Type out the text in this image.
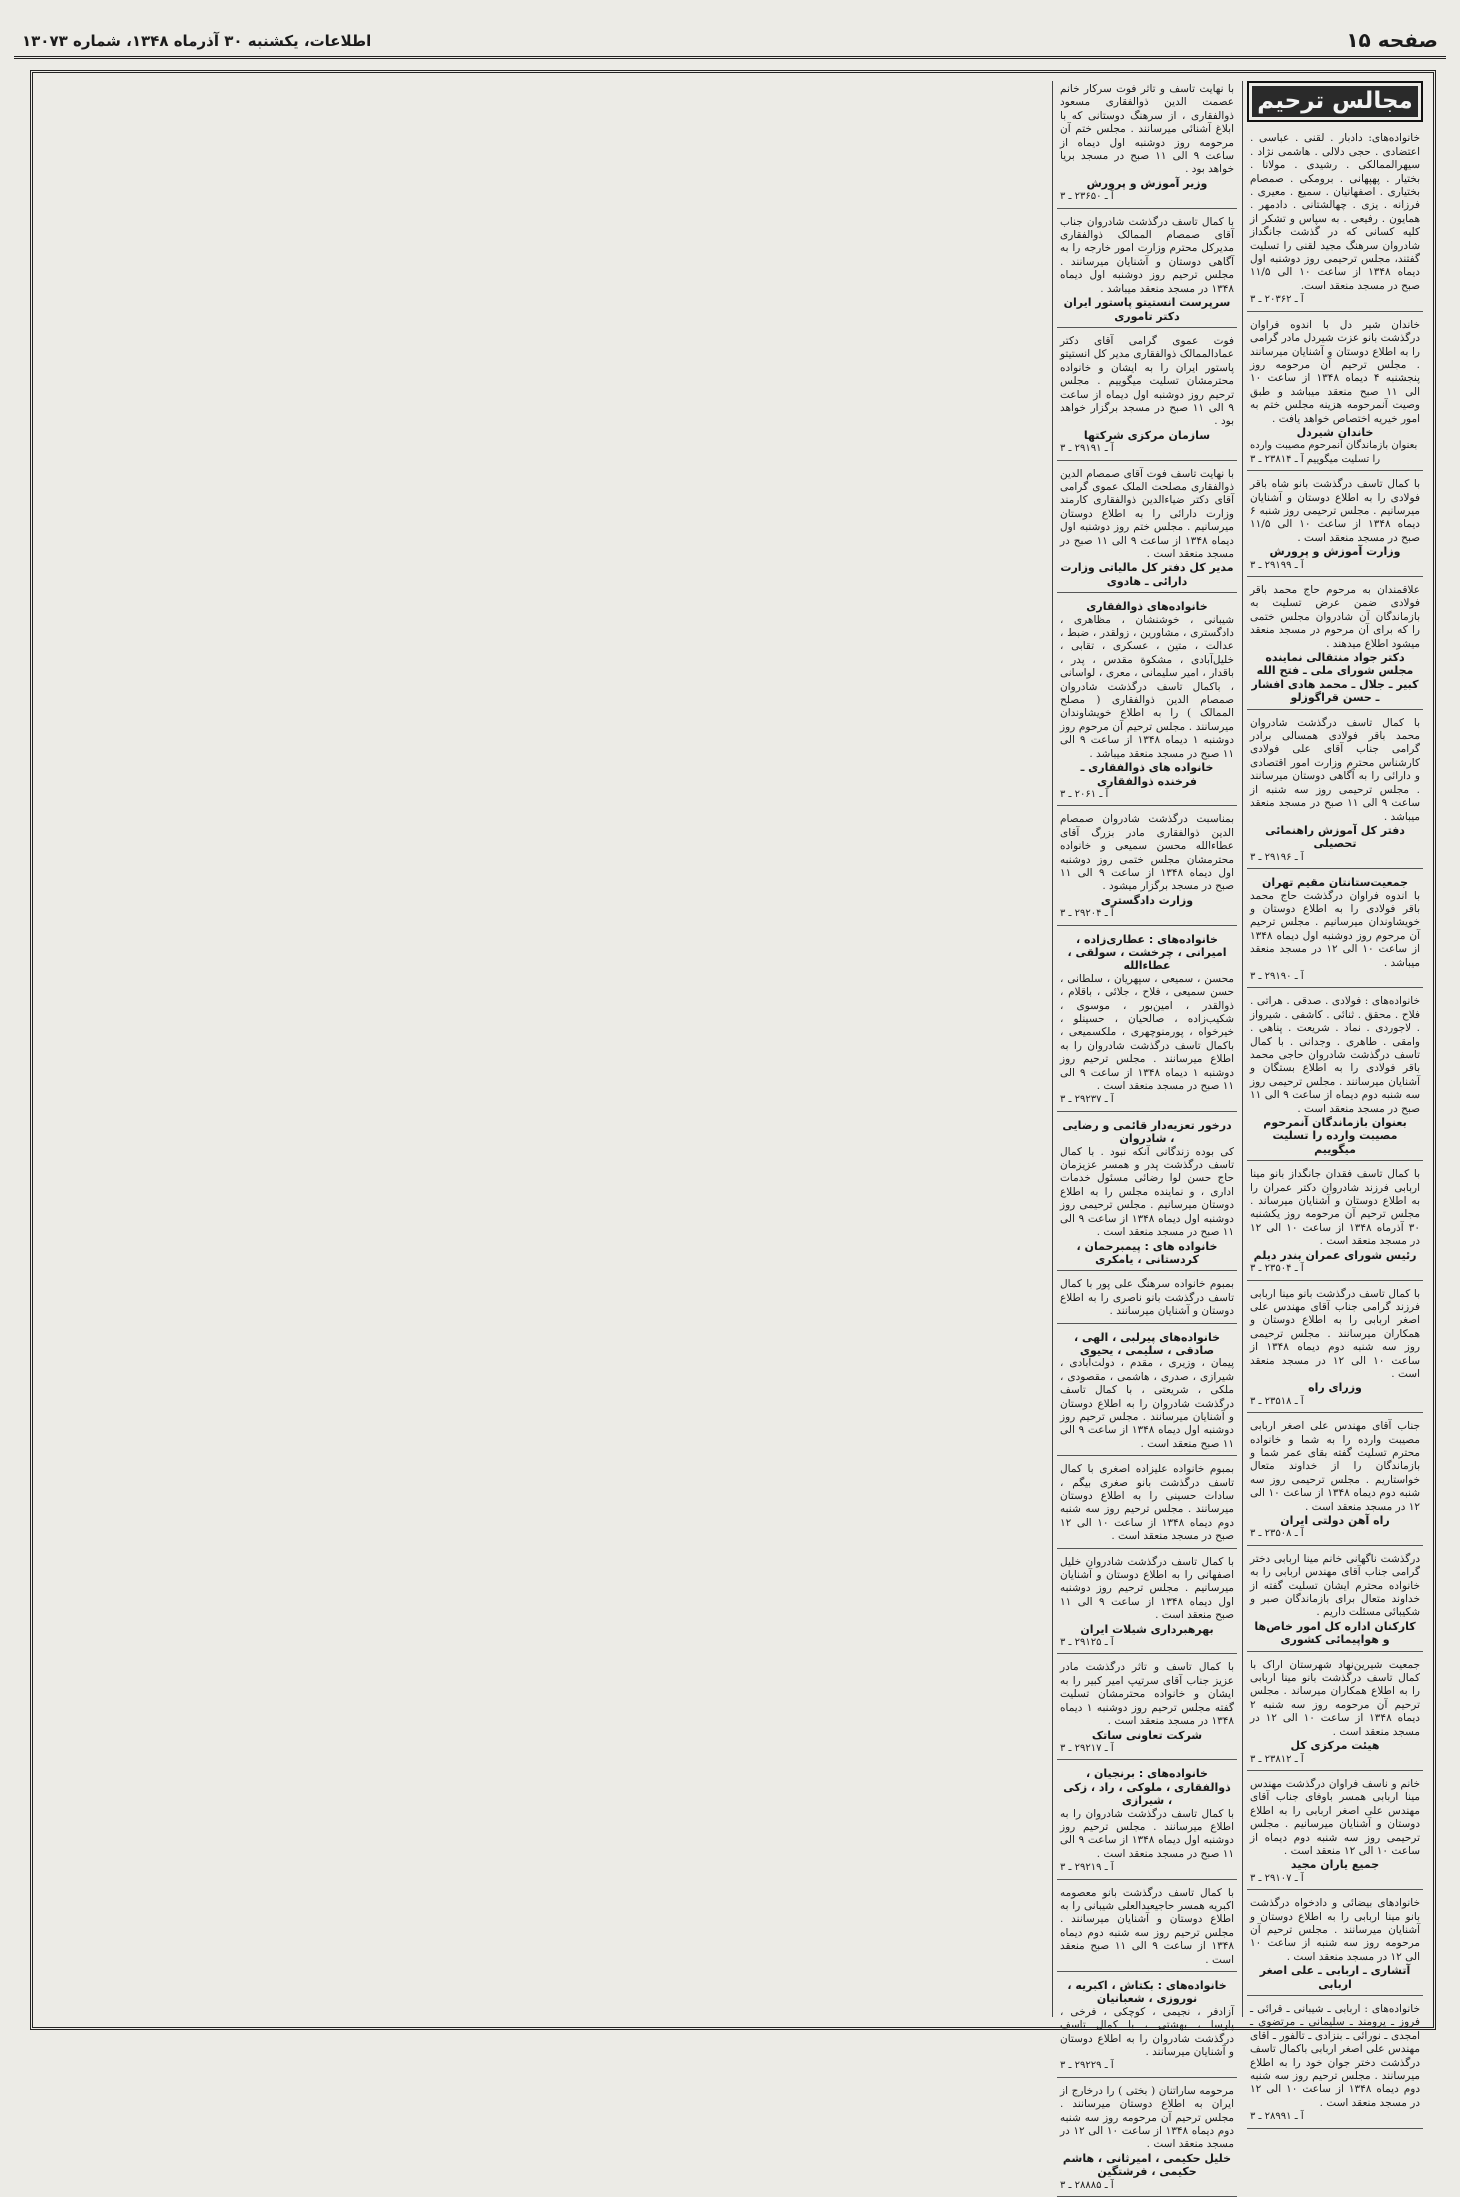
صفحه ۱۵
اطلاعات، یکشنبه ۳۰ آذرماه ۱۳۴۸، شماره ۱۳۰۷۳
مجالس ترحیم
خانواده‌های: دادبار . لقنی . عباسی . اعتضادی . حجی دلالی . هاشمی نژاد . سیهرالممالکی . رشیدی . مولانا . بختیار . پهپهانی . برومکی . صمصام بختیاری . اصفهانیان . سمیع . معیری . فرزانه . یزی . چهالشتانی . دادمهر . همایون . رفیعی . به سپاس و تشکر از کلیه کسانی که در گذشت جانگداز شادروان سرهنگ مجید لقنی را تسلیت گفتند، مجلس ترحیمی روز دوشنبه اول دیماه ۱۳۴۸ از ساعت ۱۰ الی ۱۱/۵ صبح در مسجد منعقد است.
آ ـ ۲۰۳۶۲ ـ ۳
خاندان شیر دل با اندوه فراوان درگذشت بانو عزت شیردل مادر گرامی را به اطلاع دوستان و آشنایان میرسانند . مجلس ترحیم آن مرحومه روز پنجشنبه ۴ دیماه ۱۳۴۸ از ساعت ۱۰ الی ۱۱ صبح منعقد میباشد و طبق وصیت آنمرحومه هزینه مجلس ختم به امور خیریه اختصاص خواهد یافت .
خاندان شیردل
بعنوان بازماندگان آنمرحوم مصیبت وارده را تسلیت میگوییم آ ـ ۲۳۸۱۴ ـ ۳
با کمال تاسف درگذشت بانو شاه باقر فولادی را به اطلاع دوستان و آشنایان میرسانیم . مجلس ترحیمی روز شنبه ۶ دیماه ۱۳۴۸ از ساعت ۱۰ الی ۱۱/۵ صبح در مسجد منعقد است .
وزارت آموزش و پرورش
آ ـ ۲۹۱۹۹ ـ ۳
علاقمندان به مرحوم حاج محمد باقر فولادی ضمن عرض تسلیت به بازماندگان آن شادروان مجلس ختمی را که برای آن مرحوم در مسجد منعقد میشود اطلاع میدهند .
دکتر جواد منتقالی نماینده مجلس شورای ملی ـ فتح الله کبیر ـ جلال ـ محمد هادی افشار ـ حسن قراگوزلو
با کمال تاسف درگذشت شادروان محمد باقر فولادی همسالی برادر گرامی جناب آقای علی فولادی کارشناس محترم وزارت امور اقتصادی و دارائی را به آگاهی دوستان میرسانند . مجلس ترحیمی روز سه شنبه از ساعت ۹ الی ۱۱ صبح در مسجد منعقد میباشد .
دفتر کل آموزش راهنمائی تحصیلی
آ ـ ۲۹۱۹۶ ـ ۳
جمعیت‌ستانتان مقیم تهران
با اندوه فراوان درگذشت حاج محمد باقر فولادی را به اطلاع دوستان و خویشاوندان میرسانیم . مجلس ترحیم آن مرحوم روز دوشنبه اول دیماه ۱۳۴۸ از ساعت ۱۰ الی ۱۲ در مسجد منعقد میباشد .
آ ـ ۲۹۱۹۰ ـ ۳
خانواده‌های : فولادی . صدقی . هراتی . فلاح . محقق . ثنائی . کاشفی . شیرواز . لاجوردی . نماد . شریعت . پناهی . وامقی . طاهری . وجدانی . با کمال تاسف درگذشت شادروان حاجی محمد باقر فولادی را به اطلاع بستگان و آشنایان میرسانند . مجلس ترحیمی روز سه شنبه دوم دیماه از ساعت ۹ الی ۱۱ صبح در مسجد منعقد است .
بعنوان بازماندگان آنمرحوم مصیبت وارده را تسلیت میگوییم
با کمال تاسف فقدان جانگداز بانو مینا اربابی فرزند شادروان دکتر عمران را به اطلاع دوستان و آشنایان میرساند . مجلس ترحیم آن مرحومه روز یکشنبه ۳۰ آذرماه ۱۳۴۸ از ساعت ۱۰ الی ۱۲ در مسجد منعقد است .
رئیس شورای عمران بندر دیلم
آ ـ ۲۳۵۰۴ ـ ۳
با کمال تاسف درگذشت بانو مینا اربابی فرزند گرامی جناب آقای مهندس علی اصغر اربابی را به اطلاع دوستان و همکاران میرسانند . مجلس ترحیمی روز سه شنبه دوم دیماه ۱۳۴۸ از ساعت ۱۰ الی ۱۲ در مسجد منعقد است .
وزرای راه
آ ـ ۲۳۵۱۸ ـ ۳
جناب آقای مهندس علی اصغر اربابی مصیبت وارده را به شما و خانواده محترم تسلیت گفته بقای عمر شما و بازماندگان را از خداوند متعال خواستاریم . مجلس ترحیمی روز سه شنبه دوم دیماه ۱۳۴۸ از ساعت ۱۰ الی ۱۲ در مسجد منعقد است .
راه آهن دولتی ایران
آ ـ ۲۳۵۰۸ ـ ۳
درگذشت ناگهانی خانم مینا اربابی دختر گرامی جناب آقای مهندس اربابی را به خانواده محترم ایشان تسلیت گفته از خداوند متعال برای بازماندگان صبر و شکیبائی مسئلت داریم .
کارکنان اداره کل امور خاص‌ها و هواپیمائی کشوری
جمعیت شیرین‌نهاد شهرستان اراک با کمال تاسف درگذشت بانو مینا اربابی را به اطلاع همکاران میرساند . مجلس ترحیم آن مرحومه روز سه شنبه ۲ دیماه ۱۳۴۸ از ساعت ۱۰ الی ۱۲ در مسجد منعقد است .
هیئت مرکزی کل
آ ـ ۲۳۸۱۲ ـ ۳
خانم و ناسف فراوان درگذشت مهندس مینا اربابی همسر باوفای جناب آقای مهندس علی اصغر اربابی را به اطلاع دوستان و آشنایان میرسانیم . مجلس ترحیمی روز سه شنبه دوم دیماه از ساعت ۱۰ الی ۱۲ منعقد است .
جمیع یاران مجید
آ ـ ۲۹۱۰۷ ـ ۳
خانوادهای بیضائی و دادخواه درگذشت بانو مینا اربابی را به اطلاع دوستان و آشنایان میرسانند . مجلس ترحیم آن مرحومه روز سه شنبه از ساعت ۱۰ الی ۱۲ در مسجد منعقد است .
آتشاری ـ اربابی ـ علی اصغر اربابی
خانواده‌های : اربابی ـ شیبانی ـ قرائی ـ فروز ـ پرومند ـ سلیمانی ـ مرتضوی ـ امجدی ـ نورائی ـ بنزادی ـ تالفور ـ آقای مهندس علی اصغر اربابی باکمال تاسف درگذشت دختر جوان خود را به اطلاع میرسانند . مجلس ترحیم روز سه شنبه دوم دیماه ۱۳۴۸ از ساعت ۱۰ الی ۱۲ در مسجد منعقد است .
آ ـ ۲۸۹۹۱ ـ ۳
با نهایت تاسف و تاثر فوت سرکار خانم عصمت الدین ذوالفقاری مسعود ذوالفقاری ، از سرهنگ دوستانی که با ابلاغ آشنائی میرسانند . مجلس ختم آن مرحومه روز دوشنبه اول دیماه از ساعت ۹ الی ۱۱ صبح در مسجد بریا خواهد بود .
وزیر آموزش و پرورش
آ ـ ۲۳۶۵۰ ـ ۳
با کمال تاسف درگذشت شادروان جناب آقای صمصام الممالک ذوالفقاری مدیرکل محترم وزارت امور خارجه را به آگاهی دوستان و آشنایان میرسانند . مجلس ترحیم روز دوشنبه اول دیماه ۱۳۴۸ در مسجد منعقد میباشد .
سرپرست انستیتو پاستور ایران دکتر تاموری
فوت عموی گرامی آقای دکتر عمادالممالک ذوالفقاری مدیر کل انستیتو پاستور ایران را به ایشان و خانواده محترمشان تسلیت میگوییم . مجلس ترحیم روز دوشنبه اول دیماه از ساعت ۹ الی ۱۱ صبح در مسجد برگزار خواهد بود .
سازمان مرکزی شرکتها
آ ـ ۲۹۱۹۱ ـ ۳
با نهایت تاسف فوت آقای صمصام الدین ذوالفقاری مصلحت الملک عموی گرامی آقای دکتر ضیاءالدین ذوالفقاری کارمند وزارت دارائی را به اطلاع دوستان میرسانیم . مجلس ختم روز دوشنبه اول دیماه ۱۳۴۸ از ساعت ۹ الی ۱۱ صبح در مسجد منعقد است .
مدیر کل دفتر کل مالیاتی وزارت دارائی ـ هادوی
خانواده‌های ذوالفقاری
شیبانی ، خوشنشان ، مظاهری ، دادگستری ، مشاورین ، زولقدر ، ضبط ، عدالت ، متین ، عسکری ، تقابی ، خلیل‌آبادی ، مشکوة مقدس ، پدر ، باقدار ، امیر سلیمانی ، معری ، لواسانی ، باکمال تاسف درگذشت شادروان صمصام الدین ذوالفقاری ( مصلح الممالک ) را به اطلاع خویشاوندان میرسانند . مجلس ترحیم آن مرحوم روز دوشنبه ۱ دیماه ۱۳۴۸ از ساعت ۹ الی ۱۱ صبح در مسجد منعقد میباشد .
خانواده های ذوالفقاری ـ فرخنده ذوالفقاری
آ ـ ۲۰۶۱ ـ ۳
بمناسبت درگذشت شادروان صمصام الدین ذوالفقاری مادر بزرگ آقای عطاءالله محسن سمیعی و خانواده محترمشان مجلس ختمی روز دوشنبه اول دیماه ۱۳۴۸ از ساعت ۹ الی ۱۱ صبح در مسجد برگزار میشود .
وزارت دادگستری
آ ـ ۲۹۲۰۴ ـ ۳
خانواده‌های : عطاری‌زاده ، امیرانی ، چرخشت ، سولقی ، عطاءالله
محسن ، سمیعی ، سپهریان ، سلطانی ، حسن سمیعی ، فلاح ، جلائی ، باقلام ، ذوالقدر ، امین‌بور ، موسوی ، شکیب‌زاده ، صالحیان ، حسینلو ، خیرخواه ، پورمنوچهری ، ملکسمیعی ، باکمال تاسف درگذشت شادروان را به اطلاع میرسانند . مجلس ترحیم روز دوشنبه ۱ دیماه ۱۳۴۸ از ساعت ۹ الی ۱۱ صبح در مسجد منعقد است .
آ ـ ۲۹۲۳۷ ـ ۳
درخور تعزیه‌دار قائمی و رضایی ، شادروان
کی بوده زندگانی آنکه نبود . با کمال تاسف درگذشت پدر و همسر عزیزمان حاج حسن لوا رضائی مسئول خدمات اداری ، و نماینده مجلس را به اطلاع دوستان میرسانیم . مجلس ترحیمی روز دوشنبه اول دیماه ۱۳۴۸ از ساعت ۹ الی ۱۱ صبح در مسجد منعقد است .
خانواده های : پیمبرحمان ، کردستانی ، یامکری
بمبوم خانواده سرهنگ علی پور با کمال تاسف درگذشت بانو ناصری را به اطلاع دوستان و آشنایان میرسانند .
خانواده‌های پیرلبی ، الهی ، صادقی ، سلیمی ، یحیوی
پیمان ، وزیری ، مقدم ، دولت‌آبادی ، شیرازی ، صدری ، هاشمی ، مقصودی ، ملکی ، شریعتی ، با کمال تاسف درگذشت شادروان را به اطلاع دوستان و آشنایان میرسانند . مجلس ترحیم روز دوشنبه اول دیماه ۱۳۴۸ از ساعت ۹ الی ۱۱ صبح منعقد است .
بمبوم خانواده علیزاده اصغری با کمال تاسف درگذشت بانو صغری بیگم ، سادات حسینی را به اطلاع دوستان میرسانند . مجلس ترحیم روز سه شنبه دوم دیماه ۱۳۴۸ از ساعت ۱۰ الی ۱۲ صبح در مسجد منعقد است .
با کمال تاسف درگذشت شادروان خلیل اصفهانی را به اطلاع دوستان و آشنایان میرسانیم . مجلس ترحیم روز دوشنبه اول دیماه ۱۳۴۸ از ساعت ۹ الی ۱۱ صبح منعقد است .
بهرهبرداری شیلات ایران
آ ـ ۲۹۱۲۵ ـ ۳
با کمال تاسف و تاثر درگذشت مادر عزیز جناب آقای سرتیپ امیر کبیر را به ایشان و خانواده محترمشان تسلیت گفته مجلس ترحیم روز دوشنبه ۱ دیماه ۱۳۴۸ در مسجد منعقد است .
شرکت تعاونی ساتک
آ ـ ۲۹۲۱۷ ـ ۳
خانواده‌های : برنجیان ، ذوالفقاری ، ملوکی ، راد ، زکی ، شیرازی
با کمال تاسف درگذشت شادروان را به اطلاع میرسانند . مجلس ترحیم روز دوشنبه اول دیماه ۱۳۴۸ از ساعت ۹ الی ۱۱ صبح در مسجد منعقد است .
آ ـ ۲۹۲۱۹ ـ ۳
با کمال تاسف درگذشت بانو معصومه اکبریه همسر حاجیعبدالعلی شیبانی را به اطلاع دوستان و آشنایان میرسانند . مجلس ترحیم روز سه شنبه دوم دیماه ۱۳۴۸ از ساعت ۹ الی ۱۱ صبح منعقد است .
خانواده‌های : بکتاش ، اکبریه ، نوروزی ، شعبانیان
آزادفر ، نجیمی ، کوچکی ، فرخی ، پارسا ، بهشتی ، با کمال تاسف درگذشت شادروان را به اطلاع دوستان و آشنایان میرسانند .
آ ـ ۲۹۲۲۹ ـ ۳
مرحومه ساراتنان ( بختی ) را درخارج از ایران به اطلاع دوستان میرسانند . مجلس ترحیم آن مرحومه روز سه شنبه دوم دیماه ۱۳۴۸ از ساعت ۱۰ الی ۱۲ در مسجد منعقد است .
خلیل حکیمی ، امیرثانی ، هاشم حکیمی ، فرشتگین
آ ـ ۲۸۸۸۵ ـ ۳
